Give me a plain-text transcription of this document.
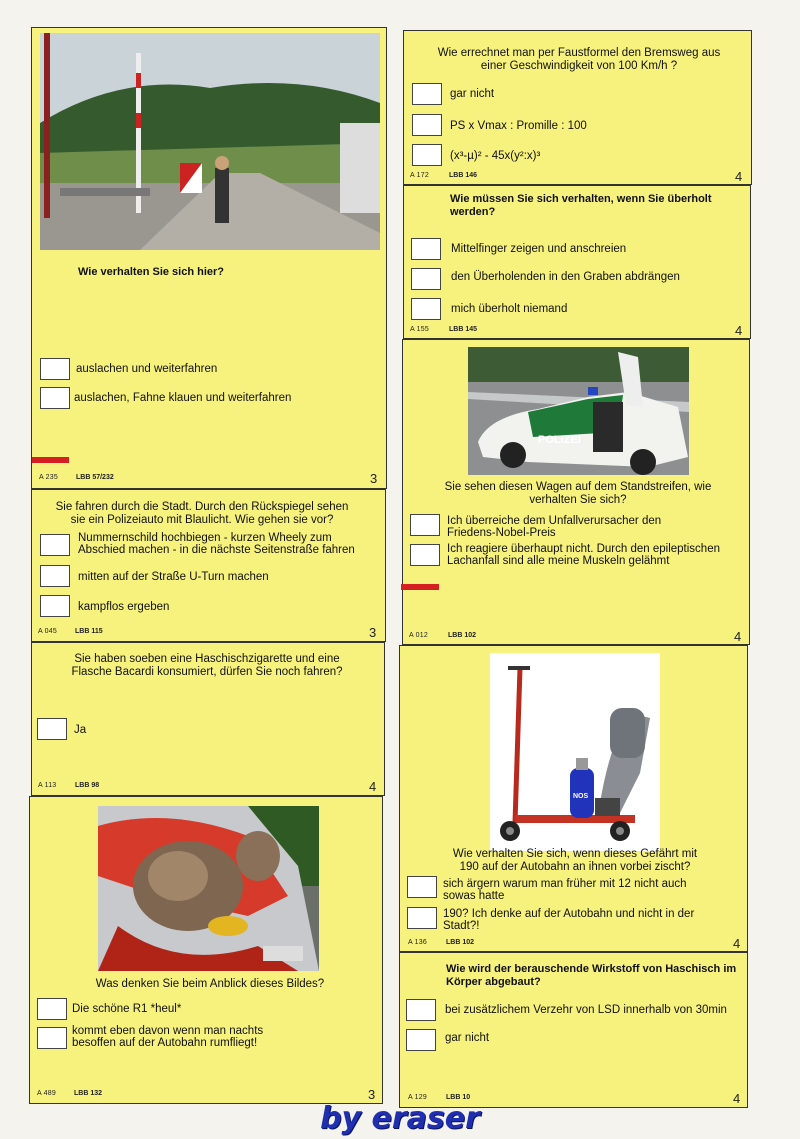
Wie verhalten Sie sich hier?
auslachen und weiterfahren
auslachen, Fahne klauen und weiterfahren
A 235	LBB 57/232	3
Sie fahren durch die Stadt. Durch den Rückspiegel sehen sie ein Polizeiauto mit Blaulicht. Wie gehen sie vor?
Nummernschild hochbiegen - kurzen Wheely zum Abschied machen - in die nächste Seitenstraße fahren
mitten auf der Straße U-Turn machen
kampflos ergeben
A 045	LBB 115	3
Sie haben soeben eine Haschischzigarette und eine Flasche Bacardi konsumiert, dürfen Sie noch fahren?
Ja
A 113	LBB 98	4
Was denken Sie beim Anblick dieses Bildes?
Die schöne R1 *heul*
kommt eben davon wenn man nachts besoffen auf der Autobahn rumfliegt!
A 489	LBB 132	3
Wie errechnet man per Faustformel den Bremsweg aus einer Geschwindigkeit von 100 Km/h ?
gar nicht
PS x Vmax : Promille : 100
(x³-µ)² - 45x(y²:x)³
A 172	LBB 146	4
Wie müssen Sie sich verhalten, wenn Sie überholt werden?
Mittelfinger zeigen und anschreien
den Überholenden in den Graben abdrängen
mich überholt niemand
A 155	LBB 145	4
POLIZEI
Sie sehen diesen Wagen auf dem Standstreifen, wie verhalten Sie sich?
Ich überreiche dem Unfallverursacher den Friedens-Nobel-Preis
Ich reagiere überhaupt nicht. Durch den epileptischen Lachanfall sind alle meine Muskeln gelähmt
A 012	LBB 102	4
NOS
Wie verhalten Sie sich, wenn dieses Gefährt mit 190 auf der Autobahn an ihnen vorbei zischt?
sich ärgern warum man früher mit 12 nicht auch sowas hatte
190? Ich denke auf der Autobahn und nicht in der Stadt?!
A 136	LBB 102	4
Wie wird der berauschende Wirkstoff von Haschisch im Körper abgebaut?
bei zusätzlichem Verzehr von LSD innerhalb von 30min
gar nicht
A 129	LBB 10	4
by eraser
